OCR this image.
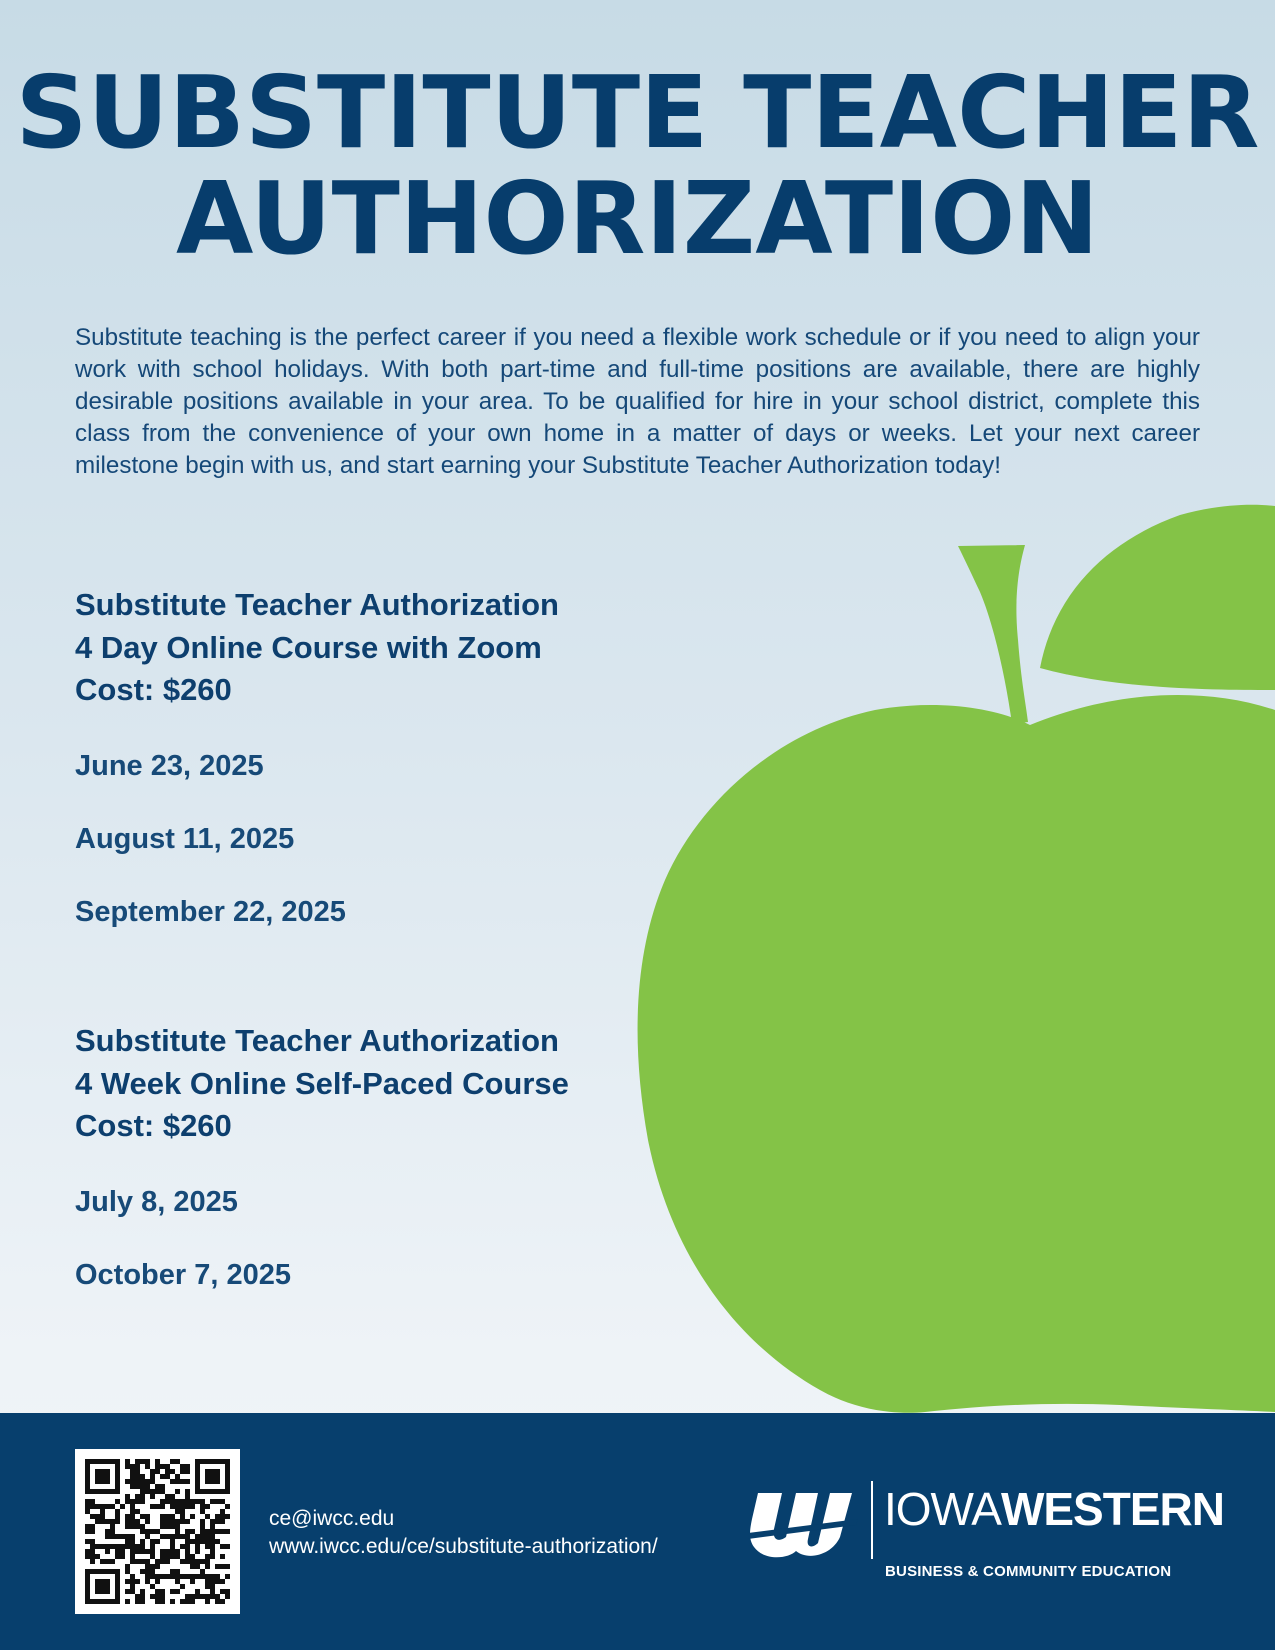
SUBSTITUTE TEACHER
AUTHORIZATION

Substitute teaching is the perfect career if you need a flexible work schedule or if you need to align your work with school holidays. With both part-time and full-time positions are available, there are highly desirable positions available in your area. To be qualified for hire in your school district, complete this class from the convenience of your own home in a matter of days or weeks. Let your next career milestone begin with us, and start earning your Substitute Teacher Authorization today!

Substitute Teacher Authorization
4 Day Online Course with Zoom
Cost: $260
June 23, 2025
August 11, 2025
September 22, 2025
Substitute Teacher Authorization
4 Week Online Self-Paced Course
Cost: $260
July 8, 2025
October 7, 2025
ce@iwcc.edu
www.iwcc.edu/ce/substitute-authorization/
IOWAWESTERN
BUSINESS & COMMUNITY EDUCATION
